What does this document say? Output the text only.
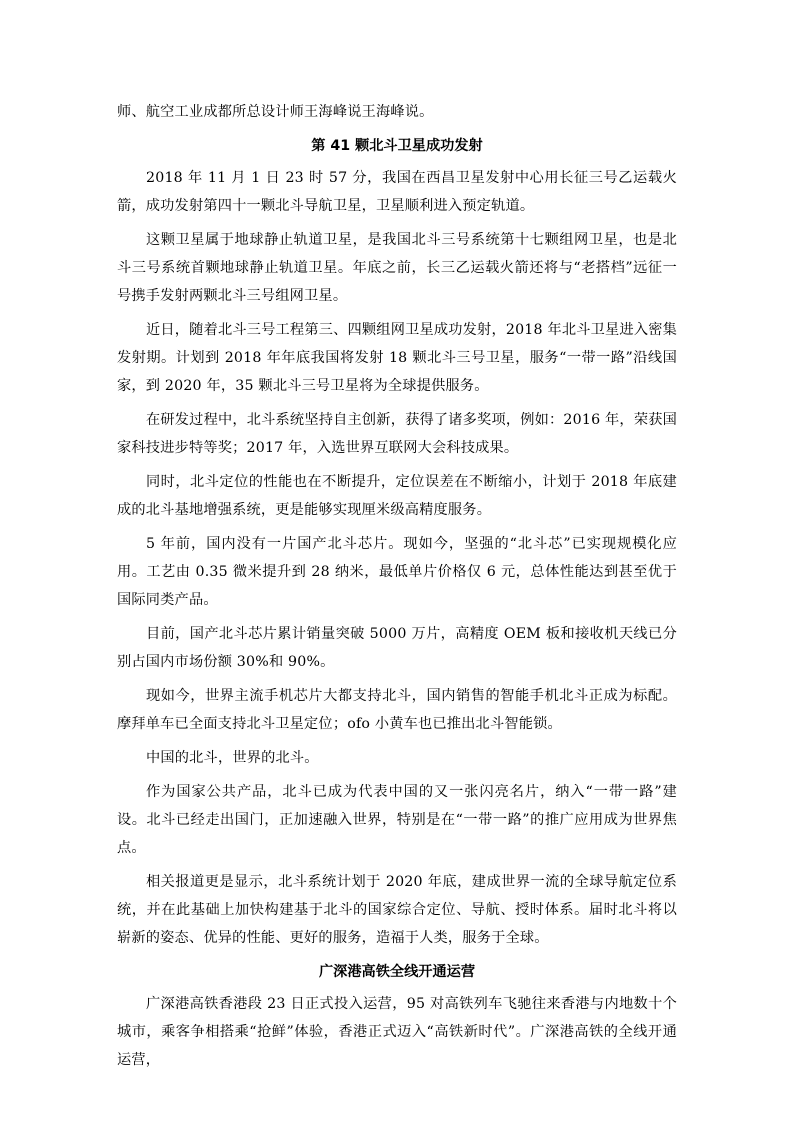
师、航空工业成都所总设计师王海峰说王海峰说。

第 41 颗北斗卫星成功发射

2018 年 11 月 1 日 23 时 57 分，我国在西昌卫星发射中心用长征三号乙运载火箭，成功发射第四十一颗北斗导航卫星，卫星顺利进入预定轨道。

这颗卫星属于地球静止轨道卫星，是我国北斗三号系统第十七颗组网卫星，也是北斗三号系统首颗地球静止轨道卫星。年底之前，长三乙运载火箭还将与“老搭档”远征一号携手发射两颗北斗三号组网卫星。

近日，随着北斗三号工程第三、四颗组网卫星成功发射，2018 年北斗卫星进入密集发射期。计划到 2018 年年底我国将发射 18 颗北斗三号卫星，服务“一带一路”沿线国家，到 2020 年，35 颗北斗三号卫星将为全球提供服务。

在研发过程中，北斗系统坚持自主创新，获得了诸多奖项，例如：2016 年，荣获国家科技进步特等奖；2017 年，入选世界互联网大会科技成果。

同时，北斗定位的性能也在不断提升，定位误差在不断缩小，计划于 2018 年底建成的北斗基地增强系统，更是能够实现厘米级高精度服务。

5 年前，国内没有一片国产北斗芯片。现如今，坚强的“北斗芯”已实现规模化应用。工艺由 0.35 微米提升到 28 纳米，最低单片价格仅 6 元，总体性能达到甚至优于国际同类产品。

目前，国产北斗芯片累计销量突破 5000 万片，高精度 OEM 板和接收机天线已分别占国内市场份额 30%和 90%。

现如今，世界主流手机芯片大都支持北斗，国内销售的智能手机北斗正成为标配。摩拜单车已全面支持北斗卫星定位；ofo 小黄车也已推出北斗智能锁。

中国的北斗，世界的北斗。

作为国家公共产品，北斗已成为代表中国的又一张闪亮名片，纳入“一带一路”建设。北斗已经走出国门，正加速融入世界，特别是在“一带一路”的推广应用成为世界焦点。

相关报道更是显示，北斗系统计划于 2020 年底，建成世界一流的全球导航定位系统，并在此基础上加快构建基于北斗的国家综合定位、导航、授时体系。届时北斗将以崭新的姿态、优异的性能、更好的服务，造福于人类，服务于全球。

广深港高铁全线开通运营

广深港高铁香港段 23 日正式投入运营，95 对高铁列车飞驰往来香港与内地数十个城市，乘客争相搭乘“抢鲜”体验，香港正式迈入“高铁新时代”。广深港高铁的全线开通运营，
